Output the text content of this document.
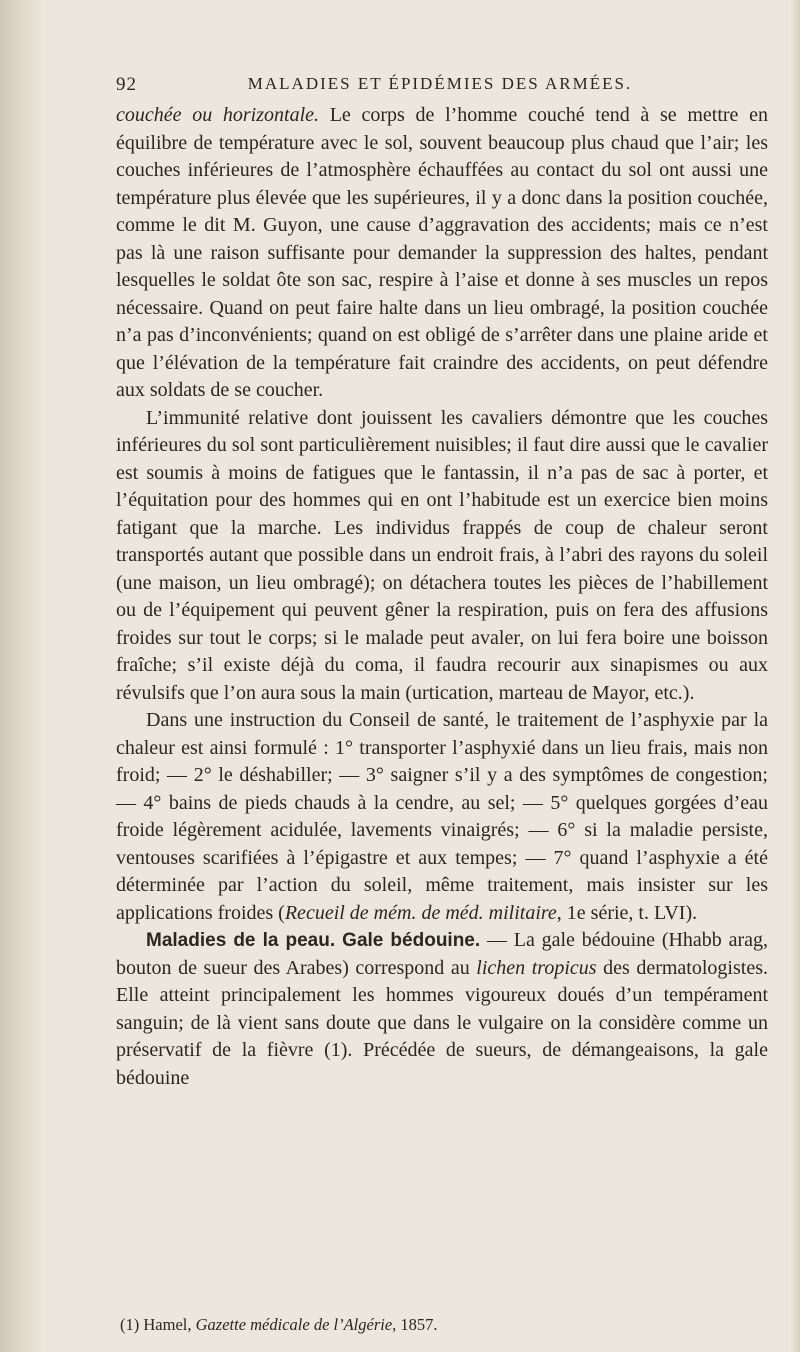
92	MALADIES ET ÉPIDÉMIES DES ARMÉES.

couchée ou horizontale. Le corps de l’homme couché tend à se mettre en équilibre de température avec le sol, souvent beaucoup plus chaud que l’air; les couches inférieures de l’atmosphère échauffées au contact du sol ont aussi une température plus élevée que les supérieures, il y a donc dans la position couchée, comme le dit M. Guyon, une cause d’aggravation des accidents; mais ce n’est pas là une raison suffisante pour demander la suppression des haltes, pendant lesquelles le soldat ôte son sac, respire à l’aise et donne à ses muscles un repos nécessaire. Quand on peut faire halte dans un lieu ombragé, la position couchée n’a pas d’inconvénients; quand on est obligé de s’arrêter dans une plaine aride et que l’élévation de la température fait craindre des accidents, on peut défendre aux soldats de se coucher.

L’immunité relative dont jouissent les cavaliers démontre que les couches inférieures du sol sont particulièrement nuisibles; il faut dire aussi que le cavalier est soumis à moins de fatigues que le fantassin, il n’a pas de sac à porter, et l’équitation pour des hommes qui en ont l’habitude est un exercice bien moins fatigant que la marche. Les individus frappés de coup de chaleur seront transportés autant que possible dans un endroit frais, à l’abri des rayons du soleil (une maison, un lieu ombragé); on détachera toutes les pièces de l’habillement ou de l’équipement qui peuvent gêner la respiration, puis on fera des affusions froides sur tout le corps; si le malade peut avaler, on lui fera boire une boisson fraîche; s’il existe déjà du coma, il faudra recourir aux sinapismes ou aux révulsifs que l’on aura sous la main (urtication, marteau de Mayor, etc.).

Dans une instruction du Conseil de santé, le traitement de l’asphyxie par la chaleur est ainsi formulé : 1° transporter l’asphyxié dans un lieu frais, mais non froid; — 2° le déshabiller; — 3° saigner s’il y a des symptômes de congestion; — 4° bains de pieds chauds à la cendre, au sel; — 5° quelques gorgées d’eau froide légèrement acidulée, lavements vinaigrés; — 6° si la maladie persiste, ventouses scarifiées à l’épigastre et aux tempes; — 7° quand l’asphyxie a été déterminée par l’action du soleil, même traitement, mais insister sur les applications froides (Recueil de mém. de méd. militaire, 1e série, t. LVI).

Maladies de la peau. Gale bédouine. — La gale bédouine (Hhabb arag, bouton de sueur des Arabes) correspond au lichen tropicus des dermatologistes. Elle atteint principalement les hommes vigoureux doués d’un tempérament sanguin; de là vient sans doute que dans le vulgaire on la considère comme un préservatif de la fièvre (1). Précédée de sueurs, de démangeaisons, la gale bédouine

(1) Hamel, Gazette médicale de l’Algérie, 1857.
